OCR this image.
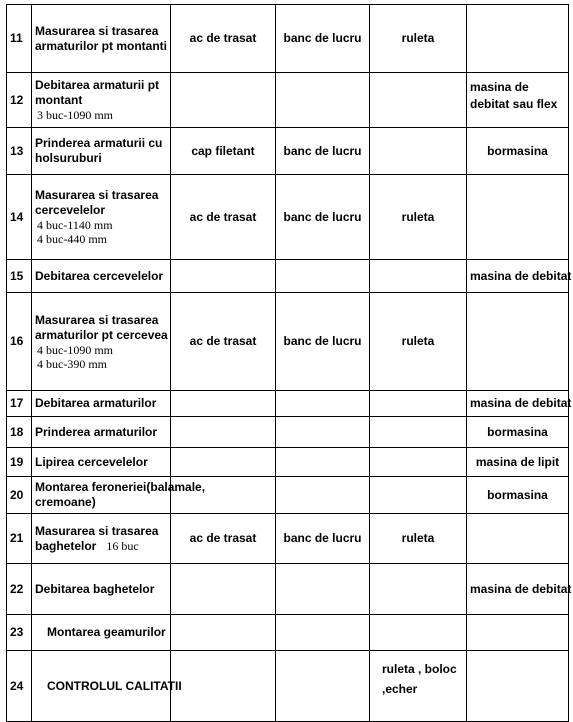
11	Masurarea si trasarea
armaturilor pt montanti	ac de trasat	banc de lucru	ruleta	
12	Debitarea armaturii pt
montant
3 buc-1090 mm				masina de debitat sau flex
13	Prinderea armaturii cu
holsuruburi	cap filetant	banc de lucru		bormasina
14	Masurarea si trasarea
cercevelelor
4 buc-1140 mm
4 buc-440 mm	ac de trasat	banc de lucru	ruleta	
15	Debitarea cercevelelor				masina de debitat
16	Masurarea si trasarea
armaturilor pt cercevea
4 buc-1090 mm
4 buc-390 mm	ac de trasat	banc de lucru	ruleta	
17	Debitarea armaturilor				masina de debitat
18	Prinderea armaturilor				bormasina
19	Lipirea cercevelelor				masina de lipit
20	Montarea feroneriei(balamale,
cremoane)				bormasina
21	Masurarea si trasarea
baghetelor 16 buc	ac de trasat	banc de lucru	ruleta	
22	Debitarea baghetelor				masina de debitat
23	Montarea geamurilor				
24	CONTROLUL CALITATII			ruleta , boloc ,echer	
